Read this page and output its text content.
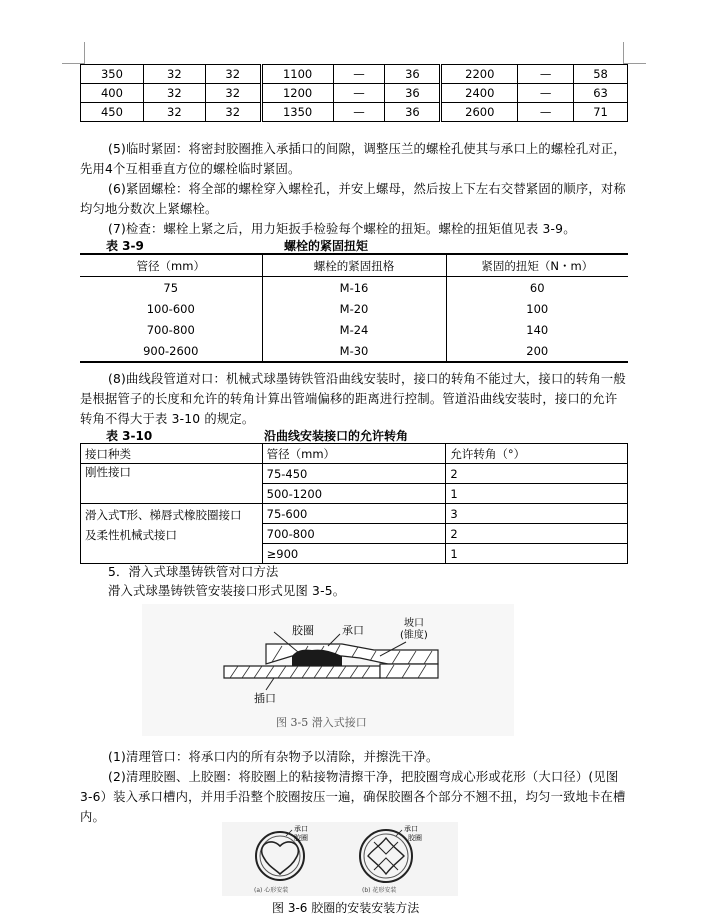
350	32	32	1100	—	36	2200	—	58
400	32	32	1200	—	36	2400	—	63
450	32	32	1350	—	36	2600	—	71
(5)临时紧固：将密封胶圈推入承插口的间隙，调整压兰的螺栓孔使其与承口上的螺栓孔对正，先用4个互相垂直方位的螺栓临时紧固。
(6)紧固螺栓：将全部的螺栓穿入螺栓孔，并安上螺母，然后按上下左右交替紧固的顺序，对称均匀地分数次上紧螺栓。
(7)检查：螺栓上紧之后，用力矩扳手检验每个螺栓的扭矩。螺栓的扭矩值见表 3-9。
表 3-9	螺栓的紧固扭矩
管径（mm）	螺栓的紧固扭格	紧固的扭矩（N・m）
75	M-16	60
100-600	M-20	100
700-800	M-24	140
900-2600	M-30	200
(8)曲线段管道对口：机械式球墨铸铁管沿曲线安装时，接口的转角不能过大，接口的转角一般是根据管子的长度和允许的转角计算出管端偏移的距离进行控制。管道沿曲线安装时，接口的允许转角不得大于表 3-10 的规定。
表 3-10	沿曲线安装接口的允许转角
接口种类	管径（mm）	允许转角（°）
刚性接口	75-450	2
	500-1200	1

滑入式T形、梯唇式橡胶圈接口
及柔性机械式接口	75-600	3
	700-800	2
	≥900	1
5．滑入式球墨铸铁管对口方法
滑入式球墨铸铁管安装接口形式见图 3-5。
胶圈	承口
坡口
(锥度)
插口
图 3-5 滑入式接口
(1)清理管口：将承口内的所有杂物予以清除，并擦洗干净。
(2)清理胶圈、上胶圈：将胶圈上的粘接物清擦干净，把胶圈弯成心形或花形（大口径）(见图3-6）装入承口槽内，并用手沿整个胶圈按压一遍，确保胶圈各个部分不翘不扭，均匀一致地卡在槽内。
承口
胶圈
(a) 心形安装
承口
胶圈
(b) 花形安装
图 3-6 胶圈的安装安装方法
